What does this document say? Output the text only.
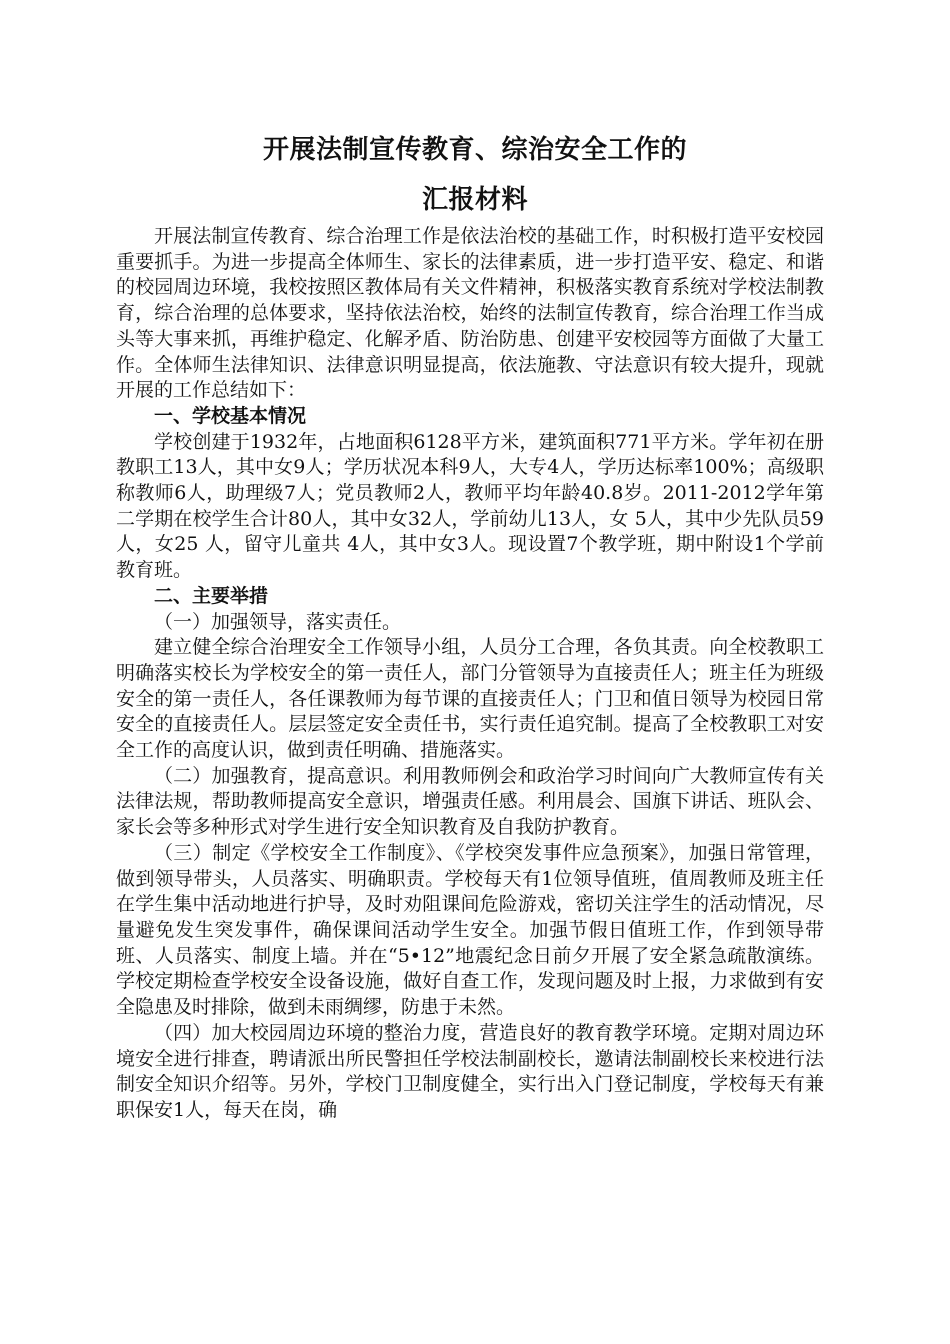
开展法制宣传教育、综治安全工作的
汇报材料

开展法制宣传教育、综合治理工作是依法治校的基础工作，时积极打造平安校园重要抓手。为进一步提高全体师生、家长的法律素质，进一步打造平安、稳定、和谐的校园周边环境，我校按照区教体局有关文件精神，积极落实教育系统对学校法制教育，综合治理的总体要求，坚持依法治校，始终的法制宣传教育，综合治理工作当成头等大事来抓，再维护稳定、化解矛盾、防治防患、创建平安校园等方面做了大量工作。全体师生法律知识、法律意识明显提高，依法施教、守法意识有较大提升，现就开展的工作总结如下：

一、学校基本情况

学校创建于1932年，占地面积6128平方米，建筑面积771平方米。学年初在册教职工13人，其中女9人；学历状况本科9人，大专4人，学历达标率100%；高级职称教师6人，助理级7人；党员教师2人，教师平均年龄40.8岁。2011-2012学年第二学期在校学生合计80人，其中女32人，学前幼儿13人，女 5人，其中少先队员59人，女25 人，留守儿童共 4人，其中女3人。现设置7个教学班，期中附设1个学前教育班。

二、主要举措

（一）加强领导，落实责任。

建立健全综合治理安全工作领导小组，人员分工合理，各负其责。向全校教职工明确落实校长为学校安全的第一责任人，部门分管领导为直接责任人；班主任为班级安全的第一责任人，各任课教师为每节课的直接责任人；门卫和值日领导为校园日常安全的直接责任人。层层签定安全责任书，实行责任追究制。提高了全校教职工对安全工作的高度认识，做到责任明确、措施落实。

（二）加强教育，提高意识。利用教师例会和政治学习时间向广大教师宣传有关法律法规，帮助教师提高安全意识，增强责任感。利用晨会、国旗下讲话、班队会、家长会等多种形式对学生进行安全知识教育及自我防护教育。

（三）制定《学校安全工作制度》、《学校突发事件应急预案》，加强日常管理，做到领导带头，人员落实、明确职责。学校每天有1位领导值班，值周教师及班主任在学生集中活动地进行护导，及时劝阻课间危险游戏，密切关注学生的活动情况，尽量避免发生突发事件，确保课间活动学生安全。加强节假日值班工作，作到领导带班、人员落实、制度上墙。并在“5•12”地震纪念日前夕开展了安全紧急疏散演练。学校定期检查学校安全设备设施，做好自查工作，发现问题及时上报，力求做到有安全隐患及时排除，做到未雨绸缪，防患于未然。

（四）加大校园周边环境的整治力度，营造良好的教育教学环境。定期对周边环境安全进行排查，聘请派出所民警担任学校法制副校长，邀请法制副校长来校进行法制安全知识介绍等。另外，学校门卫制度健全，实行出入门登记制度，学校每天有兼职保安1人，每天在岗，确
